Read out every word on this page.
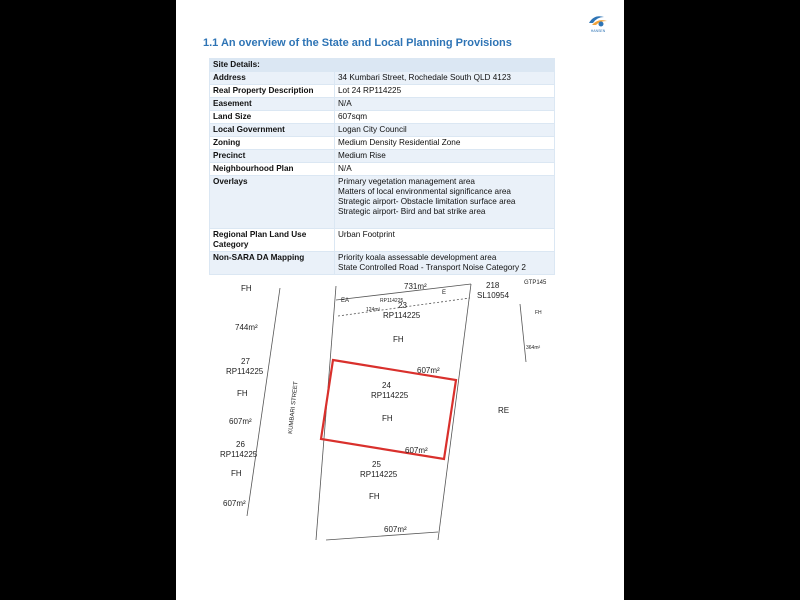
HANSEN
1.1 An overview of the State and Local Planning Provisions
Site Details:	
Address	34 Kumbari Street, Rochedale South QLD 4123

Real Property Description	Lot 24 RP114225

Easement	N/A

Land Size	607sqm

Local Government	Logan City Council

Zoning	Medium Density Residential Zone

Precinct	Medium Rise

Neighbourhood Plan	N/A

Overlays	Primary vegetation management area
Matters of local environmental significance area
Strategic airport- Obstacle limitation surface area
Strategic airport- Bird and bat strike area

Regional Plan Land Use Category	Urban Footprint

Non-SARA DA Mapping	Priority koala assessable development area
State Controlled Road - Transport Noise Category 2
FH
744m²
27
RP114225
FH
607m²
26
RP114225
FH
607m²
KUMBARI STREET
731m²
EA	RP114225
E
124m² 23
RP114225
FH
607m²
24
RP114225
FH
607m²
25
RP114225
FH
607m²
218
SL10954
GTP145
FH
364m²
RE
